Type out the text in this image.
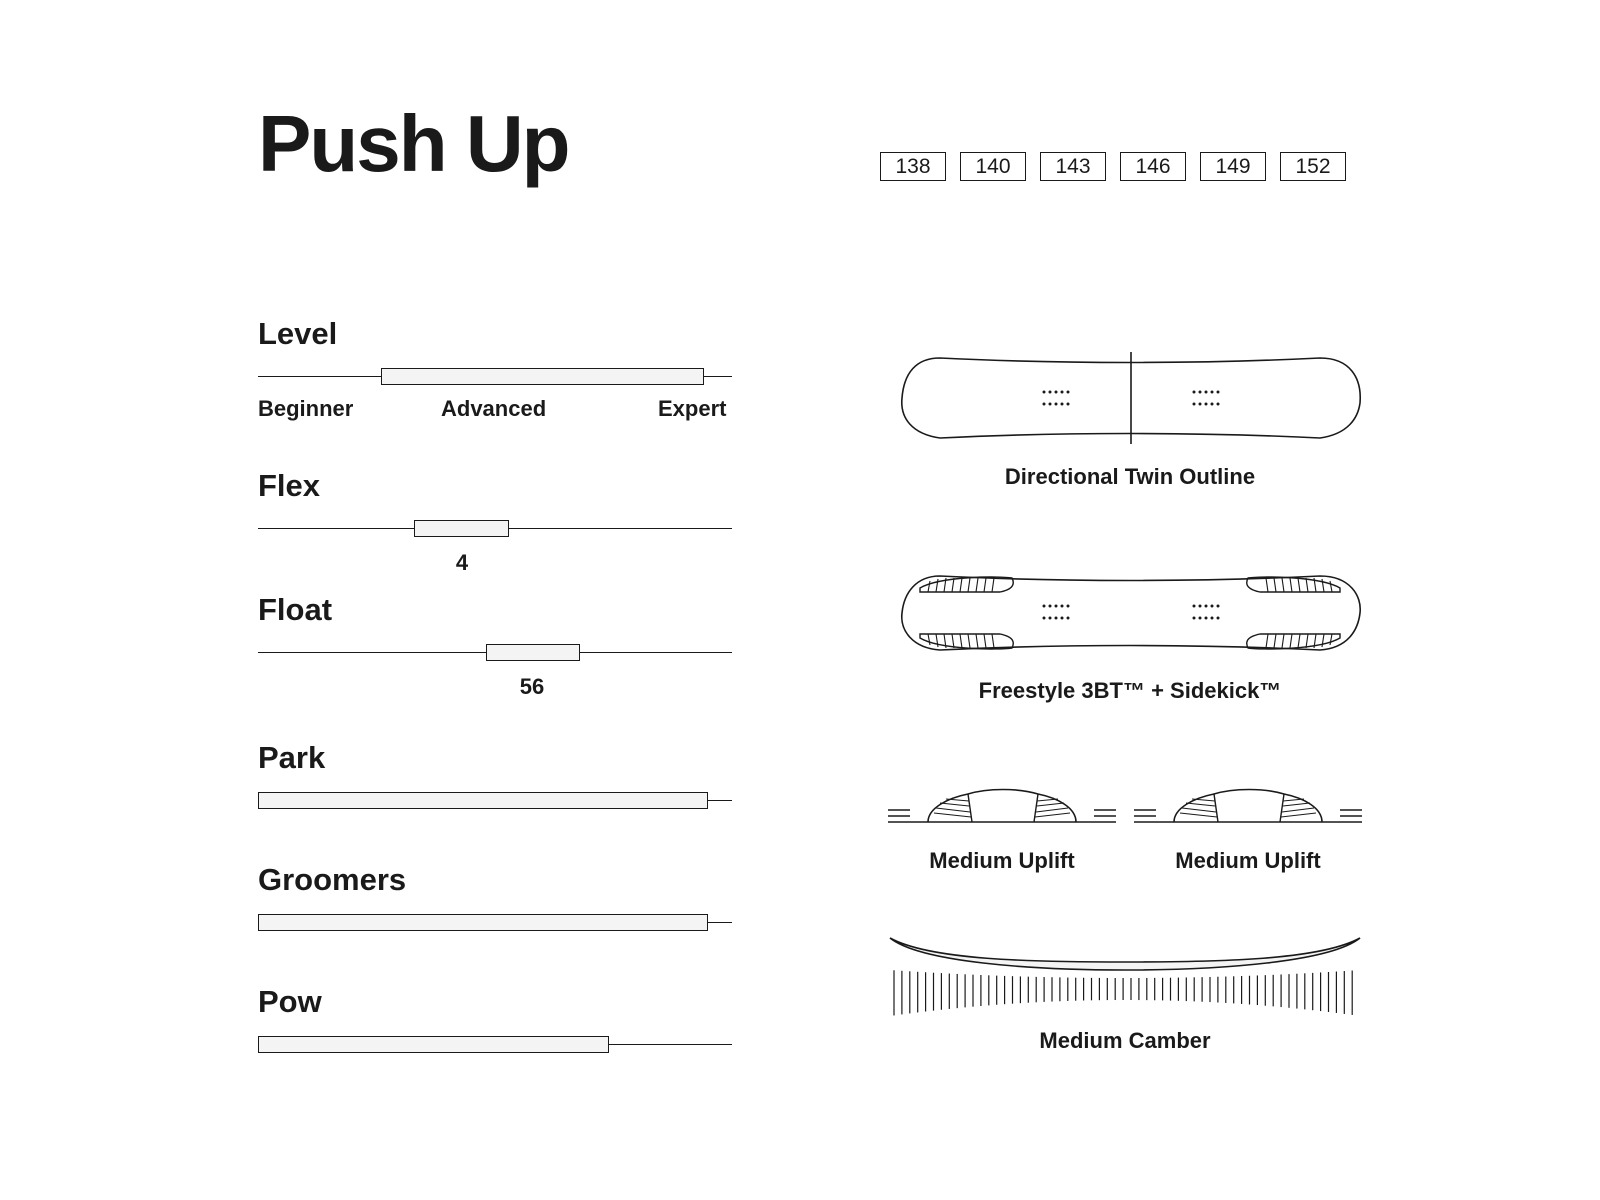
Push Up	138	140	143	146	149	152
Level
Beginner	Advanced	Expert
Flex
4
Float
56
Park
Groomers
Pow
Directional Twin Outline
Freestyle 3BT™ + Sidekick™
Medium Uplift	Medium Uplift
Medium Camber
